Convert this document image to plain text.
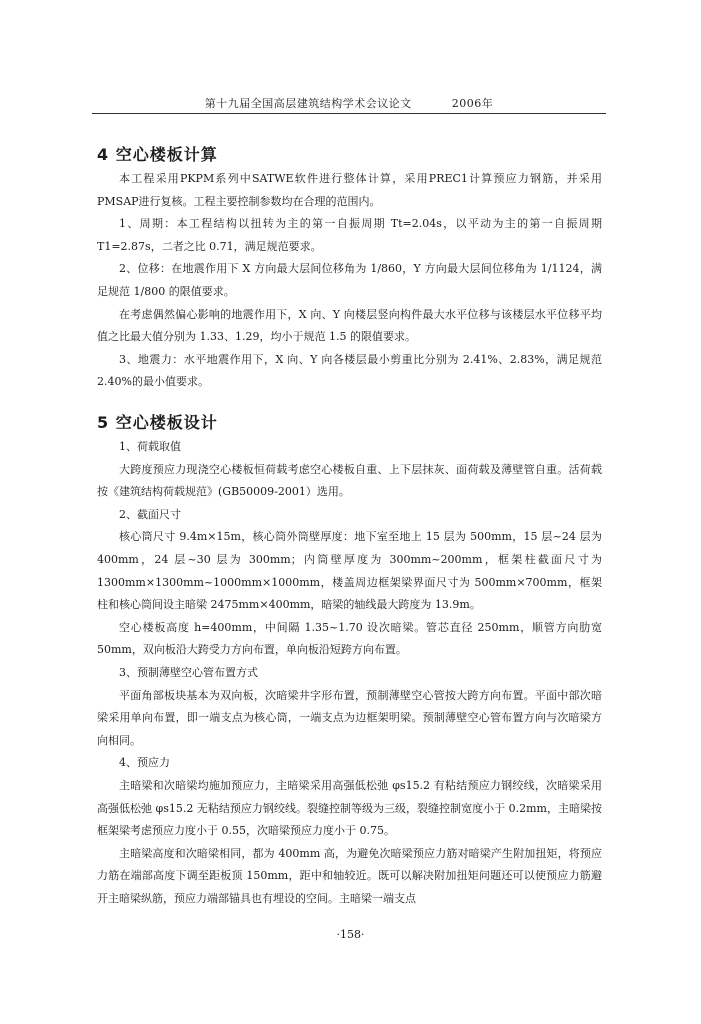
第十九届全国高层建筑结构学术会议论文	2006年
4 空心楼板计算

本工程采用PKPM系列中SATWE软件进行整体计算，采用PREC1计算预应力钢筋，并采用PMSAP进行复核。工程主要控制参数均在合理的范围内。

1、周期：本工程结构以扭转为主的第一自振周期 Tt=2.04s，以平动为主的第一自振周期 T1=2.87s，二者之比 0.71，满足规范要求。

2、位移：在地震作用下 X 方向最大层间位移角为 1/860，Y 方向最大层间位移角为 1/1124，满足规范 1/800 的限值要求。

在考虑偶然偏心影响的地震作用下，X 向、Y 向楼层竖向构件最大水平位移与该楼层水平位移平均值之比最大值分别为 1.33、1.29，均小于规范 1.5 的限值要求。

3、地震力：水平地震作用下，X 向、Y 向各楼层最小剪重比分别为 2.41%、2.83%，满足规范 2.40%的最小值要求。

5 空心楼板设计

1、荷载取值

大跨度预应力现浇空心楼板恒荷载考虑空心楼板自重、上下层抹灰、面荷载及薄壁管自重。活荷载按《建筑结构荷载规范》(GB50009-2001）选用。

2、截面尺寸

核心筒尺寸 9.4m×15m，核心筒外筒壁厚度：地下室至地上 15 层为 500mm，15 层~24 层为 400mm，24 层~30 层为 300mm；内筒壁厚度为 300mm~200mm，框架柱截面尺寸为 1300mm×1300mm~1000mm×1000mm，楼盖周边框架梁界面尺寸为 500mm×700mm，框架柱和核心筒间设主暗梁 2475mm×400mm，暗梁的轴线最大跨度为 13.9m。

空心楼板高度 h=400mm，中间隔 1.35~1.70 设次暗梁。管芯直径 250mm，顺管方向肋宽 50mm，双向板沿大跨受力方向布置，单向板沿短跨方向布置。

3、预制薄壁空心管布置方式

平面角部板块基本为双向板，次暗梁井字形布置，预制薄壁空心管按大跨方向布置。平面中部次暗梁采用单向布置，即一端支点为核心筒，一端支点为边框架明梁。预制薄壁空心管布置方向与次暗梁方向相同。

4、预应力

主暗梁和次暗梁均施加预应力，主暗梁采用高强低松弛 φs15.2 有粘结预应力钢绞线，次暗梁采用高强低松弛 φs15.2 无粘结预应力钢绞线。裂缝控制等级为三级，裂缝控制宽度小于 0.2mm，主暗梁按框架梁考虑预应力度小于 0.55，次暗梁预应力度小于 0.75。

主暗梁高度和次暗梁相同，都为 400mm 高，为避免次暗梁预应力筋对暗梁产生附加扭矩，将预应力筋在端部高度下调至距板顶 150mm，距中和轴较近。既可以解决附加扭矩问题还可以使预应力筋避开主暗梁纵筋，预应力端部锚具也有埋设的空间。主暗梁一端支点

·158·
